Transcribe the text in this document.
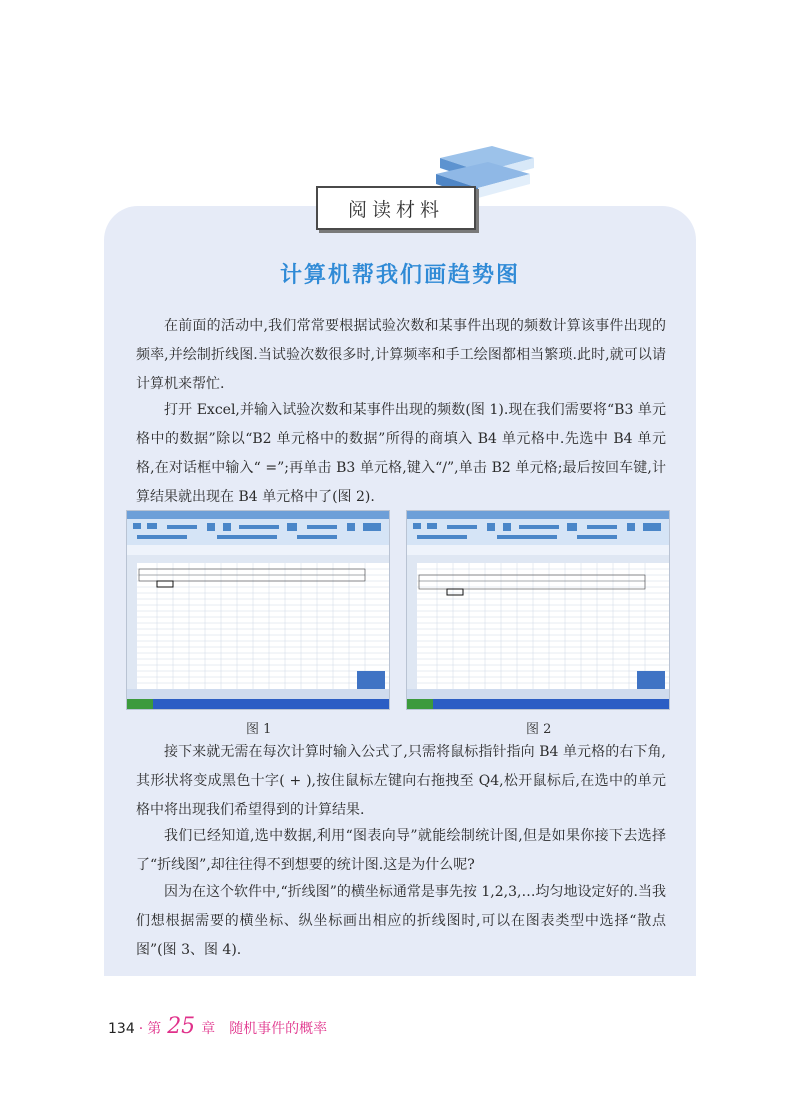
阅读材料
计算机帮我们画趋势图

在前面的活动中,我们常常要根据试验次数和某事件出现的频数计算该事件出现的频率,并绘制折线图.当试验次数很多时,计算频率和手工绘图都相当繁琐.此时,就可以请计算机来帮忙.

打开 Excel,并输入试验次数和某事件出现的频数(图 1).现在我们需要将“B3 单元格中的数据”除以“B2 单元格中的数据”所得的商填入 B4 单元格中.先选中 B4 单元格,在对话框中输入“ =”;再单击 B3 单元格,键入“/”,单击 B2 单元格;最后按回车键,计算结果就出现在 B4 单元格中了(图 2).

图 1	图 2

接下来就无需在每次计算时输入公式了,只需将鼠标指针指向 B4 单元格的右下角,其形状将变成黑色十字( + ),按住鼠标左键向右拖拽至 Q4,松开鼠标后,在选中的单元格中将出现我们希望得到的计算结果.

我们已经知道,选中数据,利用“图表向导”就能绘制统计图,但是如果你接下去选择了“折线图”,却往往得不到想要的统计图.这是为什么呢?

因为在这个软件中,“折线图”的横坐标通常是事先按 1,2,3,…均匀地设定好的.当我们想根据需要的横坐标、纵坐标画出相应的折线图时,可以在图表类型中选择“散点图”(图 3、图 4).

134 · 第 25 章 随机事件的概率
